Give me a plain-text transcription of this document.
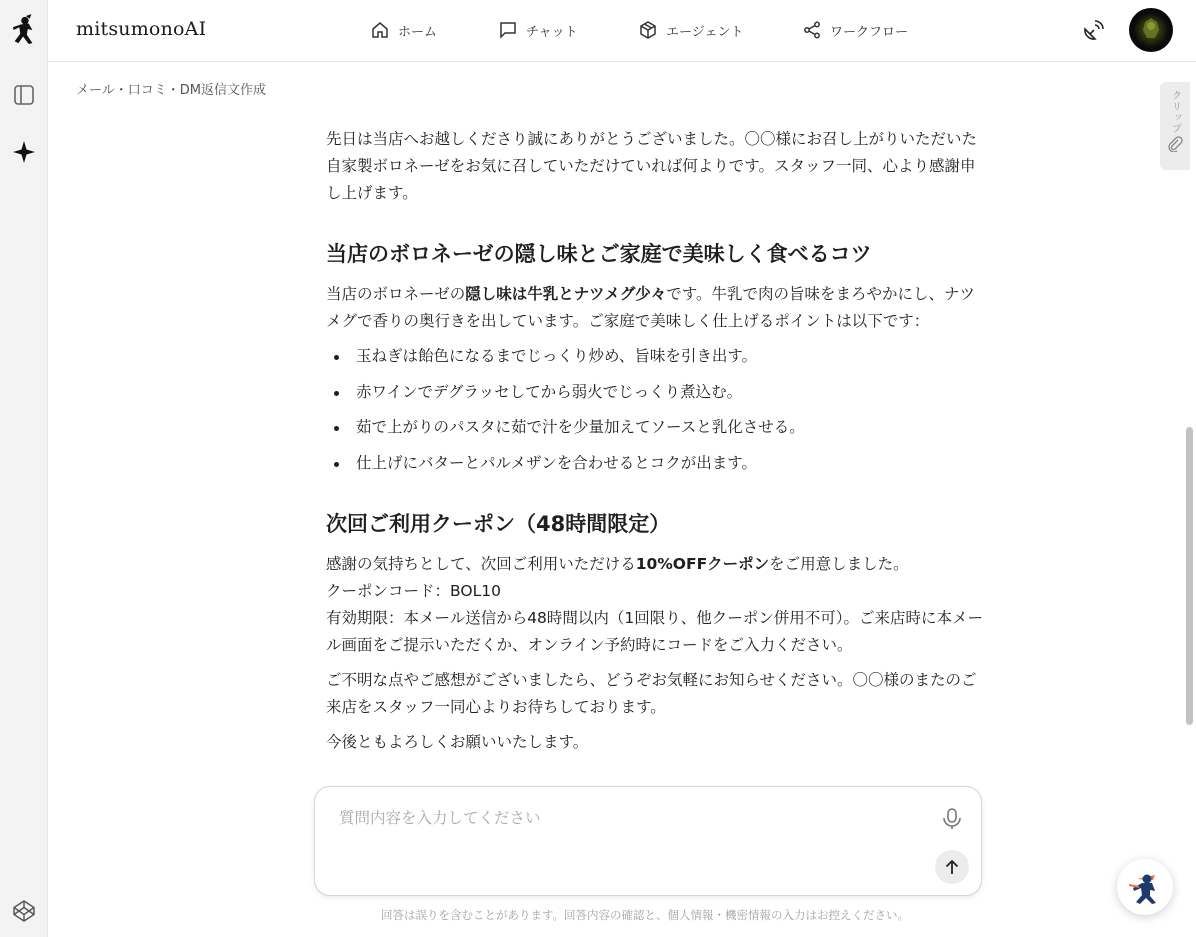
mitsumonoAI	ホーム	チャット	エージェント	ワークフロー
メール・口コミ・DM返信文作成	クリップ

先日は当店へお越しくださり誠にありがとうございました。〇〇様にお召し上がりいただいた自家製ボロネーゼをお気に召していただけていれば何よりです。スタッフ一同、心より感謝申し上げます。

当店のボロネーゼの隠し味とご家庭で美味しく食べるコツ

当店のボロネーゼの隠し味は牛乳とナツメグ少々です。牛乳で肉の旨味をまろやかにし、ナツメグで香りの奥行きを出しています。ご家庭で美味しく仕上げるポイントは以下です：

玉ねぎは飴色になるまでじっくり炒め、旨味を引き出す。
赤ワインでデグラッセしてから弱火でじっくり煮込む。
茹で上がりのパスタに茹で汁を少量加えてソースと乳化させる。
仕上げにバターとパルメザンを合わせるとコクが出ます。
次回ご利用クーポン（48時間限定）

感謝の気持ちとして、次回ご利用いただける10%OFFクーポンをご用意しました。
クーポンコード：BOL10
有効期限：本メール送信から48時間以内（1回限り、他クーポン併用不可）。ご来店時に本メール画面をご提示いただくか、オンライン予約時にコードをご入力ください。

ご不明な点やご感想がございましたら、どうぞお気軽にお知らせください。〇〇様のまたのご来店をスタッフ一同心よりお待ちしております。

今後ともよろしくお願いいたします。

質問内容を入力してください
回答は誤りを含むことがあります。回答内容の確認と、個人情報・機密情報の入力はお控えください。
